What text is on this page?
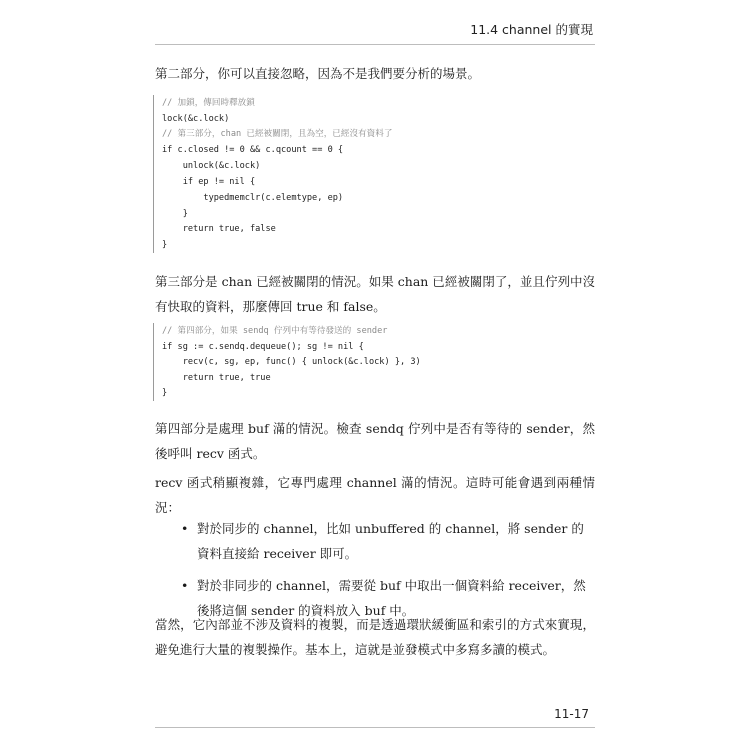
11.4 channel 的實現

第二部分，你可以直接忽略，因為不是我們要分析的場景。

// 加鎖，傳回時釋放鎖
lock(&c.lock)
// 第三部分，chan 已經被關閉，且為空，已經沒有資料了
if c.closed != 0 && c.qcount == 0 {
unlock(&c.lock)
if ep != nil {
typedmemclr(c.elemtype, ep)
}
return true, false
}

第三部分是 chan 已經被關閉的情況。如果 chan 已經被關閉了，並且佇列中沒有快取的資料，那麼傳回 true 和 false。

// 第四部分，如果 sendq 佇列中有等待發送的 sender
if sg := c.sendq.dequeue(); sg != nil {
recv(c, sg, ep, func() { unlock(&c.lock) }, 3)
return true, true
}

第四部分是處理 buf 滿的情況。檢查 sendq 佇列中是否有等待的 sender，然後呼叫 recv 函式。

recv 函式稍顯複雜，它專門處理 channel 滿的情況。這時可能會遇到兩種情況：

• 對於同步的 channel，比如 unbuffered 的 channel，將 sender 的資料直接給 receiver 即可。
• 對於非同步的 channel，需要從 buf 中取出一個資料給 receiver，然後將這個 sender 的資料放入 buf 中。

當然，它內部並不涉及資料的複製，而是透過環狀緩衝區和索引的方式來實現，避免進行大量的複製操作。基本上，這就是並發模式中多寫多讀的模式。

11-17
